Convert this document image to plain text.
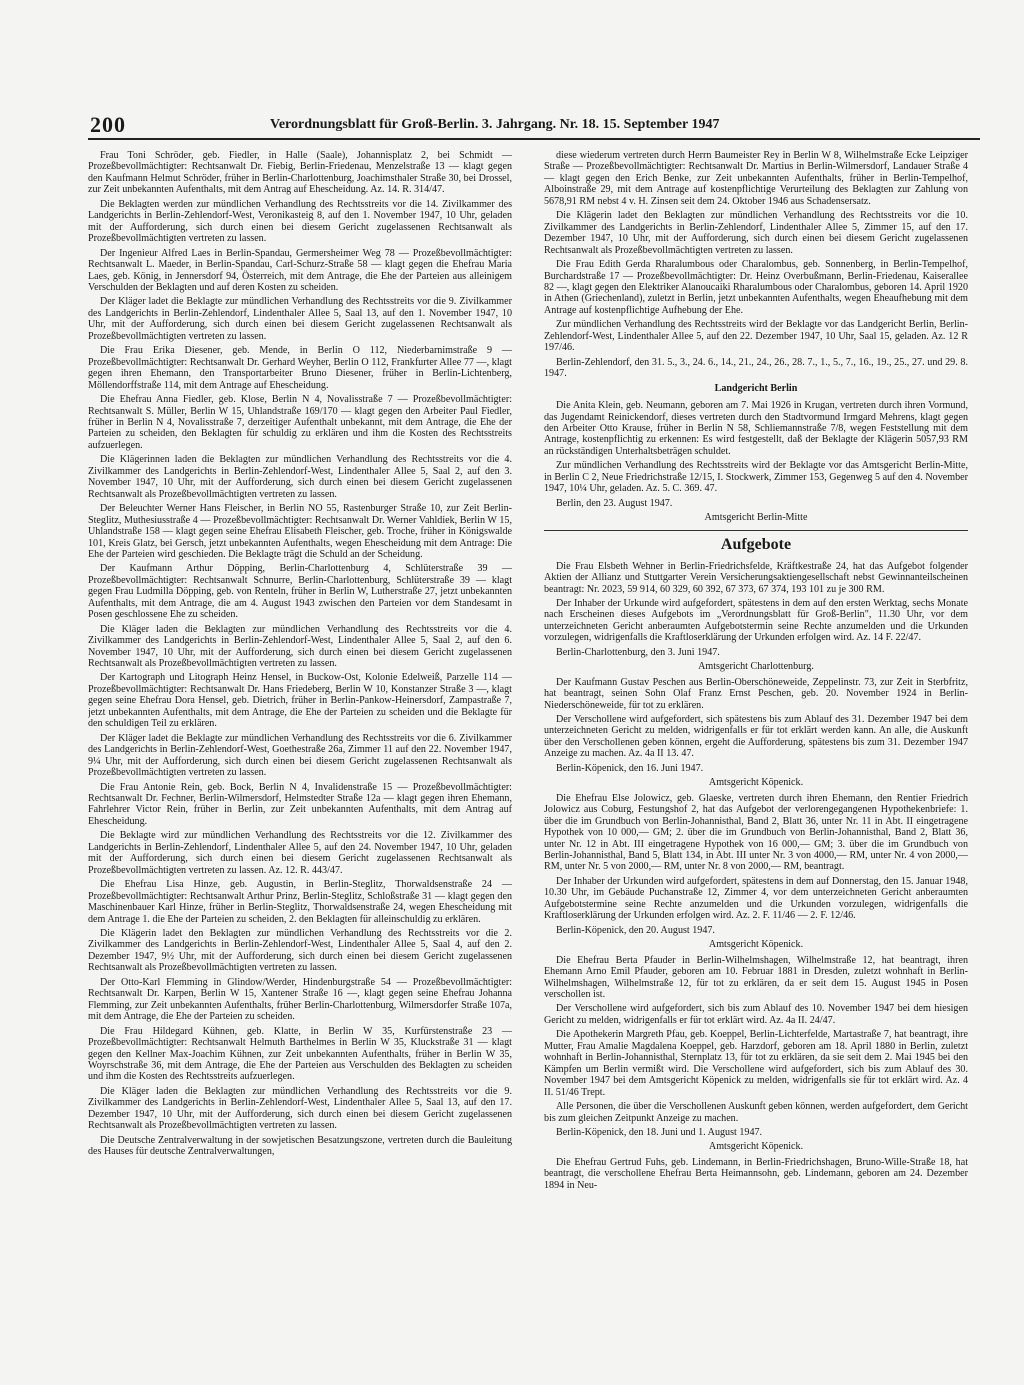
200	Verordnungsblatt für Groß-Berlin. 3. Jahrgang. Nr. 18. 15. September 1947

Frau Toni Schröder, geb. Fiedler, in Halle (Saale), Johannisplatz 2, bei Schmidt — Prozeßbevollmächtigter: Rechtsanwalt Dr. Fiebig, Berlin-Friedenau, Menzelstraße 13 — klagt gegen den Kaufmann Helmut Schröder, früher in Berlin-Charlottenburg, Joachimsthaler Straße 30, bei Drossel, zur Zeit unbekannten Aufenthalts, mit dem Antrag auf Ehescheidung. Az. 14. R. 314/47.

Die Beklagten werden zur mündlichen Verhandlung des Rechtsstreits vor die 14. Zivilkammer des Landgerichts in Berlin-Zehlendorf-West, Veronikasteig 8, auf den 1. November 1947, 10 Uhr, geladen mit der Aufforderung, sich durch einen bei diesem Gericht zugelassenen Rechtsanwalt als Prozeßbevollmächtigten vertreten zu lassen.

Der Ingenieur Alfred Laes in Berlin-Spandau, Germersheimer Weg 78 — Prozeßbevollmächtigter: Rechtsanwalt L. Maeder, in Berlin-Spandau, Carl-Schurz-Straße 58 — klagt gegen die Ehefrau Maria Laes, geb. König, in Jennersdorf 94, Österreich, mit dem Antrage, die Ehe der Parteien aus alleinigem Verschulden der Beklagten und auf deren Kosten zu scheiden.

Der Kläger ladet die Beklagte zur mündlichen Verhandlung des Rechtsstreits vor die 9. Zivilkammer des Landgerichts in Berlin-Zehlendorf, Lindenthaler Allee 5, Saal 13, auf den 1. November 1947, 10 Uhr, mit der Aufforderung, sich durch einen bei diesem Gericht zugelassenen Rechtsanwalt als Prozeßbevollmächtigten vertreten zu lassen.

Die Frau Erika Diesener, geb. Mende, in Berlin O 112, Niederbarnimstraße 9 — Prozeßbevollmächtigter: Rechtsanwalt Dr. Gerhard Weyher, Berlin O 112, Frankfurter Allee 77 —, klagt gegen ihren Ehemann, den Transportarbeiter Bruno Diesener, früher in Berlin-Lichtenberg, Möllendorffstraße 114, mit dem Antrage auf Ehescheidung.

Die Ehefrau Anna Fiedler, geb. Klose, Berlin N 4, Novalisstraße 7 — Prozeßbevollmächtigter: Rechtsanwalt S. Müller, Berlin W 15, Uhlandstraße 169/170 — klagt gegen den Arbeiter Paul Fiedler, früher in Berlin N 4, Novalisstraße 7, derzeitiger Aufenthalt unbekannt, mit dem Antrage, die Ehe der Parteien zu scheiden, den Beklagten für schuldig zu erklären und ihm die Kosten des Rechtsstreits aufzuerlegen.

Die Klägerinnen laden die Beklagten zur mündlichen Verhandlung des Rechtsstreits vor die 4. Zivilkammer des Landgerichts in Berlin-Zehlendorf-West, Lindenthaler Allee 5, Saal 2, auf den 3. November 1947, 10 Uhr, mit der Aufforderung, sich durch einen bei diesem Gericht zugelassenen Rechtsanwalt als Prozeßbevollmächtigten vertreten zu lassen.

Der Beleuchter Werner Hans Fleischer, in Berlin NO 55, Rastenburger Straße 10, zur Zeit Berlin-Steglitz, Muthesiusstraße 4 — Prozeßbevollmächtigter: Rechtsanwalt Dr. Werner Vahldiek, Berlin W 15, Uhlandstraße 158 — klagt gegen seine Ehefrau Elisabeth Fleischer, geb. Troche, früher in Königswalde 101, Kreis Glatz, bei Gersch, jetzt unbekannten Aufenthalts, wegen Ehescheidung mit dem Antrage: Die Ehe der Parteien wird geschieden. Die Beklagte trägt die Schuld an der Scheidung.

Der Kaufmann Arthur Döpping, Berlin-Charlottenburg 4, Schlüterstraße 39 — Prozeßbevollmächtigter: Rechtsanwalt Schnurre, Berlin-Charlottenburg, Schlüterstraße 39 — klagt gegen Frau Ludmilla Döpping, geb. von Renteln, früher in Berlin W, Lutherstraße 27, jetzt unbekannten Aufenthalts, mit dem Antrage, die am 4. August 1943 zwischen den Parteien vor dem Standesamt in Posen geschlossene Ehe zu scheiden.

Die Kläger laden die Beklagten zur mündlichen Verhandlung des Rechtsstreits vor die 4. Zivilkammer des Landgerichts in Berlin-Zehlendorf-West, Lindenthaler Allee 5, Saal 2, auf den 6. November 1947, 10 Uhr, mit der Aufforderung, sich durch einen bei diesem Gericht zugelassenen Rechtsanwalt als Prozeßbevollmächtigten vertreten zu lassen.

Der Kartograph und Litograph Heinz Hensel, in Buckow-Ost, Kolonie Edelweiß, Parzelle 114 — Prozeßbevollmächtigter: Rechtsanwalt Dr. Hans Friedeberg, Berlin W 10, Konstanzer Straße 3 —, klagt gegen seine Ehefrau Dora Hensel, geb. Dietrich, früher in Berlin-Pankow-Heinersdorf, Zampastraße 7, jetzt unbekannten Aufenthalts, mit dem Antrage, die Ehe der Parteien zu scheiden und die Beklagte für den schuldigen Teil zu erklären.

Der Kläger ladet die Beklagte zur mündlichen Verhandlung des Rechtsstreits vor die 6. Zivilkammer des Landgerichts in Berlin-Zehlendorf-West, Goethestraße 26a, Zimmer 11 auf den 22. November 1947, 9¼ Uhr, mit der Aufforderung, sich durch einen bei diesem Gericht zugelassenen Rechtsanwalt als Prozeßbevollmächtigten vertreten zu lassen.

Die Frau Antonie Rein, geb. Bock, Berlin N 4, Invalidenstraße 15 — Prozeßbevollmächtigter: Rechtsanwalt Dr. Fechner, Berlin-Wilmersdorf, Helmstedter Straße 12a — klagt gegen ihren Ehemann, Fahrlehrer Victor Rein, früher in Berlin, zur Zeit unbekannten Aufenthalts, mit dem Antrag auf Ehescheidung.

Die Beklagte wird zur mündlichen Verhandlung des Rechtsstreits vor die 12. Zivilkammer des Landgerichts in Berlin-Zehlendorf, Lindenthaler Allee 5, auf den 24. November 1947, 10 Uhr, geladen mit der Aufforderung, sich durch einen bei diesem Gericht zugelassenen Rechtsanwalt als Prozeßbevollmächtigten vertreten zu lassen. Az. 12. R. 443/47.

Die Ehefrau Lisa Hinze, geb. Augustin, in Berlin-Steglitz, Thorwaldsenstraße 24 — Prozeßbevollmächtigter: Rechtsanwalt Arthur Prinz, Berlin-Steglitz, Schloßstraße 31 — klagt gegen den Maschinenbauer Karl Hinze, früher in Berlin-Steglitz, Thorwaldsenstraße 24, wegen Ehescheidung mit dem Antrage 1. die Ehe der Parteien zu scheiden, 2. den Beklagten für alleinschuldig zu erklären.

Die Klägerin ladet den Beklagten zur mündlichen Verhandlung des Rechtsstreits vor die 2. Zivilkammer des Landgerichts in Berlin-Zehlendorf-West, Lindenthaler Allee 5, Saal 4, auf den 2. Dezember 1947, 9½ Uhr, mit der Aufforderung, sich durch einen bei diesem Gericht zugelassenen Rechtsanwalt als Prozeßbevollmächtigten vertreten zu lassen.

Der Otto-Karl Flemming in Glindow/Werder, Hindenburgstraße 54 — Prozeßbevollmächtigter: Rechtsanwalt Dr. Karpen, Berlin W 15, Xantener Straße 16 —, klagt gegen seine Ehefrau Johanna Flemming, zur Zeit unbekannten Aufenthalts, früher Berlin-Charlottenburg, Wilmersdorfer Straße 107a, mit dem Antrage, die Ehe der Parteien zu scheiden.

Die Frau Hildegard Kühnen, geb. Klatte, in Berlin W 35, Kurfürstenstraße 23 — Prozeßbevollmächtigter: Rechtsanwalt Helmuth Barthelmes in Berlin W 35, Kluckstraße 31 — klagt gegen den Kellner Max-Joachim Kühnen, zur Zeit unbekannten Aufenthalts, früher in Berlin W 35, Woyrschstraße 36, mit dem Antrage, die Ehe der Parteien aus Verschulden des Beklagten zu scheiden und ihm die Kosten des Rechtsstreits aufzuerlegen.

Die Kläger laden die Beklagten zur mündlichen Verhandlung des Rechtsstreits vor die 9. Zivilkammer des Landgerichts in Berlin-Zehlendorf-West, Lindenthaler Allee 5, Saal 13, auf den 17. Dezember 1947, 10 Uhr, mit der Aufforderung, sich durch einen bei diesem Gericht zugelassenen Rechtsanwalt als Prozeßbevollmächtigten vertreten zu lassen.

Die Deutsche Zentralverwaltung in der sowjetischen Besatzungszone, vertreten durch die Bauleitung des Hauses für deutsche Zentralverwaltungen,

diese wiederum vertreten durch Herrn Baumeister Rey in Berlin W 8, Wilhelmstraße Ecke Leipziger Straße — Prozeßbevollmächtigter: Rechtsanwalt Dr. Martius in Berlin-Wilmersdorf, Landauer Straße 4 — klagt gegen den Erich Benke, zur Zeit unbekannten Aufenthalts, früher in Berlin-Tempelhof, Alboinstraße 29, mit dem Antrage auf kostenpflichtige Verurteilung des Beklagten zur Zahlung von 5678,91 RM nebst 4 v. H. Zinsen seit dem 24. Oktober 1946 aus Schadensersatz.

Die Klägerin ladet den Beklagten zur mündlichen Verhandlung des Rechtsstreits vor die 10. Zivilkammer des Landgerichts in Berlin-Zehlendorf, Lindenthaler Allee 5, Zimmer 15, auf den 17. Dezember 1947, 10 Uhr, mit der Aufforderung, sich durch einen bei diesem Gericht zugelassenen Rechtsanwalt als Prozeßbevollmächtigten vertreten zu lassen.

Die Frau Edith Gerda Rharalumbous oder Charalombus, geb. Sonnenberg, in Berlin-Tempelhof, Burchardstraße 17 — Prozeßbevollmächtigter: Dr. Heinz Overbußmann, Berlin-Friedenau, Kaiserallee 82 —, klagt gegen den Elektriker Alanoucaiki Rharalumbous oder Charalombus, geboren 14. April 1920 in Athen (Griechenland), zuletzt in Berlin, jetzt unbekannten Aufenthalts, wegen Eheaufhebung mit dem Antrage auf kostenpflichtige Aufhebung der Ehe.

Zur mündlichen Verhandlung des Rechtsstreits wird der Beklagte vor das Landgericht Berlin, Berlin-Zehlendorf-West, Lindenthaler Allee 5, auf den 22. Dezember 1947, 10 Uhr, Saal 15, geladen. Az. 12 R 197/46.

Berlin-Zehlendorf, den 31. 5., 3., 24. 6., 14., 21., 24., 26., 28. 7., 1., 5., 7., 16., 19., 25., 27. und 29. 8. 1947.

Landgericht Berlin

Die Anita Klein, geb. Neumann, geboren am 7. Mai 1926 in Krugan, vertreten durch ihren Vormund, das Jugendamt Reinickendorf, dieses vertreten durch den Stadtvormund Irmgard Mehrens, klagt gegen den Arbeiter Otto Krause, früher in Berlin N 58, Schliemannstraße 7/8, wegen Feststellung mit dem Antrage, kostenpflichtig zu erkennen: Es wird festgestellt, daß der Beklagte der Klägerin 5057,93 RM an rückständigen Unterhaltsbeträgen schuldet.

Zur mündlichen Verhandlung des Rechtsstreits wird der Beklagte vor das Amtsgericht Berlin-Mitte, in Berlin C 2, Neue Friedrichstraße 12/15, I. Stockwerk, Zimmer 153, Gegenweg 5 auf den 4. November 1947, 10¼ Uhr, geladen. Az. 5. C. 369. 47.

Berlin, den 23. August 1947.

Amtsgericht Berlin-Mitte

Aufgebote

Die Frau Elsbeth Wehner in Berlin-Friedrichsfelde, Kräftkestraße 24, hat das Aufgebot folgender Aktien der Allianz und Stuttgarter Verein Versicherungsaktiengesellschaft nebst Gewinnanteilscheinen beantragt: Nr. 2023, 59 914, 60 329, 60 392, 67 373, 67 374, 193 101 zu je 300 RM.

Der Inhaber der Urkunde wird aufgefordert, spätestens in dem auf den ersten Werktag, sechs Monate nach Erscheinen dieses Aufgebots im „Verordnungsblatt für Groß-Berlin", 11.30 Uhr, vor dem unterzeichneten Gericht anberaumten Aufgebotstermin seine Rechte anzumelden und die Urkunden vorzulegen, widrigenfalls die Kraftloserklärung der Urkunden erfolgen wird. Az. 14 F. 22/47.

Berlin-Charlottenburg, den 3. Juni 1947.

Amtsgericht Charlottenburg.

Der Kaufmann Gustav Peschen aus Berlin-Oberschöneweide, Zeppelinstr. 73, zur Zeit in Sterbfritz, hat beantragt, seinen Sohn Olaf Franz Ernst Peschen, geb. 20. November 1924 in Berlin-Niederschöneweide, für tot zu erklären.

Der Verschollene wird aufgefordert, sich spätestens bis zum Ablauf des 31. Dezember 1947 bei dem unterzeichneten Gericht zu melden, widrigenfalls er für tot erklärt werden kann. An alle, die Auskunft über den Verschollenen geben können, ergeht die Aufforderung, spätestens bis zum 31. Dezember 1947 Anzeige zu machen. Az. 4a II 13. 47.

Berlin-Köpenick, den 16. Juni 1947.

Amtsgericht Köpenick.

Die Ehefrau Else Jolowicz, geb. Glaeske, vertreten durch ihren Ehemann, den Rentier Friedrich Jolowicz aus Coburg, Festungshof 2, hat das Aufgebot der verlorengegangenen Hypothekenbriefe: 1. über die im Grundbuch von Berlin-Johannisthal, Band 2, Blatt 36, unter Nr. 11 in Abt. II eingetragene Hypothek von 10 000,— GM; 2. über die im Grundbuch von Berlin-Johannisthal, Band 2, Blatt 36, unter Nr. 12 in Abt. III eingetragene Hypothek von 16 000,— GM; 3. über die im Grundbuch von Berlin-Johannisthal, Band 5, Blatt 134, in Abt. III unter Nr. 3 von 4000,— RM, unter Nr. 4 von 2000,— RM, unter Nr. 5 von 2000,— RM, unter Nr. 8 von 2000,— RM, beantragt.

Der Inhaber der Urkunden wird aufgefordert, spätestens in dem auf Donnerstag, den 15. Januar 1948, 10.30 Uhr, im Gebäude Puchanstraße 12, Zimmer 4, vor dem unterzeichneten Gericht anberaumten Aufgebotstermine seine Rechte anzumelden und die Urkunden vorzulegen, widrigenfalls die Kraftloserklärung der Urkunden erfolgen wird. Az. 2. F. 11/46 — 2. F. 12/46.

Berlin-Köpenick, den 20. August 1947.

Amtsgericht Köpenick.

Die Ehefrau Berta Pfauder in Berlin-Wilhelmshagen, Wilhelmstraße 12, hat beantragt, ihren Ehemann Arno Emil Pfauder, geboren am 10. Februar 1881 in Dresden, zuletzt wohnhaft in Berlin-Wilhelmshagen, Wilhelmstraße 12, für tot zu erklären, da er seit dem 15. August 1945 in Posen verschollen ist.

Der Verschollene wird aufgefordert, sich bis zum Ablauf des 10. November 1947 bei dem hiesigen Gericht zu melden, widrigenfalls er für tot erklärt wird. Az. 4a II. 24/47.

Die Apothekerin Margreth Pfau, geb. Koeppel, Berlin-Lichterfelde, Martastraße 7, hat beantragt, ihre Mutter, Frau Amalie Magdalena Koeppel, geb. Harzdorf, geboren am 18. April 1880 in Berlin, zuletzt wohnhaft in Berlin-Johannisthal, Sternplatz 13, für tot zu erklären, da sie seit dem 2. Mai 1945 bei den Kämpfen um Berlin vermißt wird. Die Verschollene wird aufgefordert, sich bis zum Ablauf des 30. November 1947 bei dem Amtsgericht Köpenick zu melden, widrigenfalls sie für tot erklärt wird. Az. 4 II. 51/46 Trept.

Alle Personen, die über die Verschollenen Auskunft geben können, werden aufgefordert, dem Gericht bis zum gleichen Zeitpunkt Anzeige zu machen.

Berlin-Köpenick, den 18. Juni und 1. August 1947.

Amtsgericht Köpenick.

Die Ehefrau Gertrud Fuhs, geb. Lindemann, in Berlin-Friedrichshagen, Bruno-Wille-Straße 18, hat beantragt, die verschollene Ehefrau Berta Heimannsohn, geb. Lindemann, geboren am 24. Dezember 1894 in Neu-
